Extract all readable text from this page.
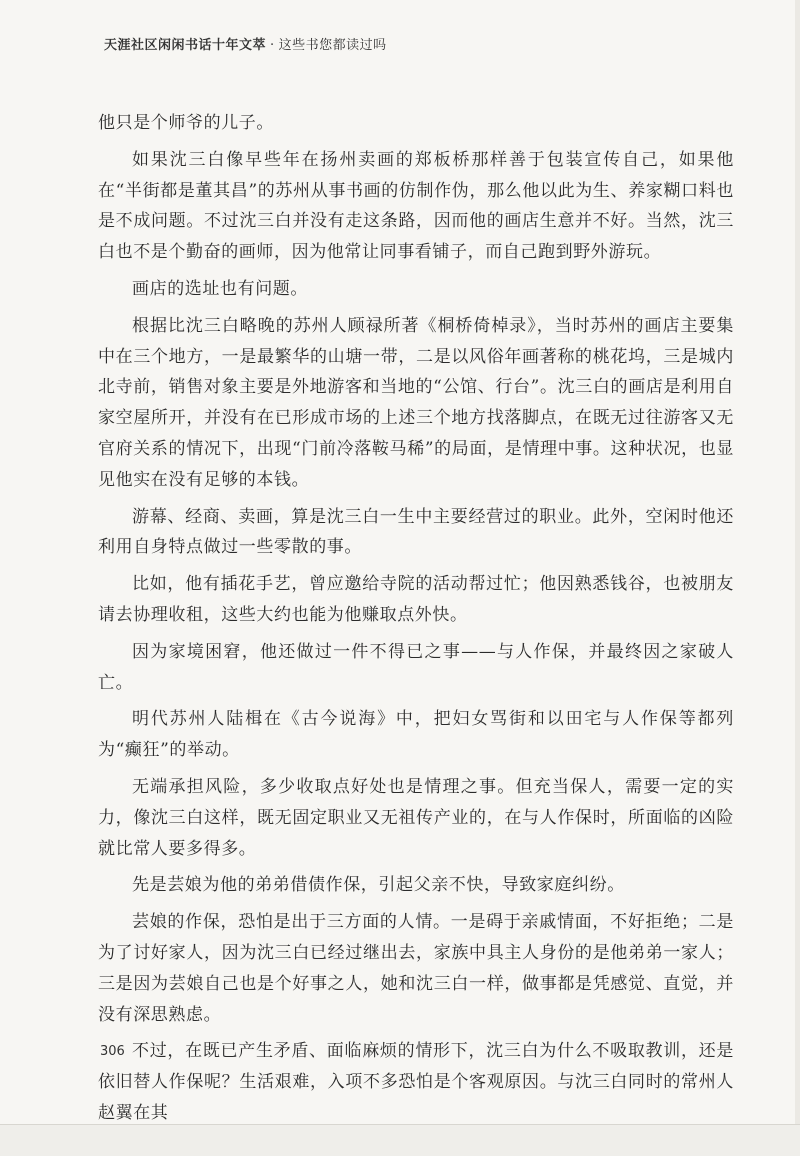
天涯社区闲闲书话十年文萃 · 这些书您都读过吗

他只是个师爷的儿子。

如果沈三白像早些年在扬州卖画的郑板桥那样善于包装宣传自己，如果他在“半街都是董其昌”的苏州从事书画的仿制作伪，那么他以此为生、养家糊口料也是不成问题。不过沈三白并没有走这条路，因而他的画店生意并不好。当然，沈三白也不是个勤奋的画师，因为他常让同事看铺子，而自己跑到野外游玩。

画店的选址也有问题。

根据比沈三白略晚的苏州人顾禄所著《桐桥倚棹录》，当时苏州的画店主要集中在三个地方，一是最繁华的山塘一带，二是以风俗年画著称的桃花坞，三是城内北寺前，销售对象主要是外地游客和当地的“公馆、行台”。沈三白的画店是利用自家空屋所开，并没有在已形成市场的上述三个地方找落脚点，在既无过往游客又无官府关系的情况下，出现“门前冷落鞍马稀”的局面，是情理中事。这种状况，也显见他实在没有足够的本钱。

游幕、经商、卖画，算是沈三白一生中主要经营过的职业。此外，空闲时他还利用自身特点做过一些零散的事。

比如，他有插花手艺，曾应邀给寺院的活动帮过忙；他因熟悉钱谷，也被朋友请去协理收租，这些大约也能为他赚取点外快。

因为家境困窘，他还做过一件不得已之事——与人作保，并最终因之家破人亡。

明代苏州人陆楫在《古今说海》中，把妇女骂街和以田宅与人作保等都列为“癫狂”的举动。

无端承担风险，多少收取点好处也是情理之事。但充当保人，需要一定的实力，像沈三白这样，既无固定职业又无祖传产业的，在与人作保时，所面临的凶险就比常人要多得多。

先是芸娘为他的弟弟借债作保，引起父亲不快，导致家庭纠纷。

芸娘的作保，恐怕是出于三方面的人情。一是碍于亲戚情面，不好拒绝；二是为了讨好家人，因为沈三白已经过继出去，家族中具主人身份的是他弟弟一家人；三是因为芸娘自己也是个好事之人，她和沈三白一样，做事都是凭感觉、直觉，并没有深思熟虑。

不过，在既已产生矛盾、面临麻烦的情形下，沈三白为什么不吸取教训，还是依旧替人作保呢？生活艰难，入项不多恐怕是个客观原因。与沈三白同时的常州人赵翼在其

306
